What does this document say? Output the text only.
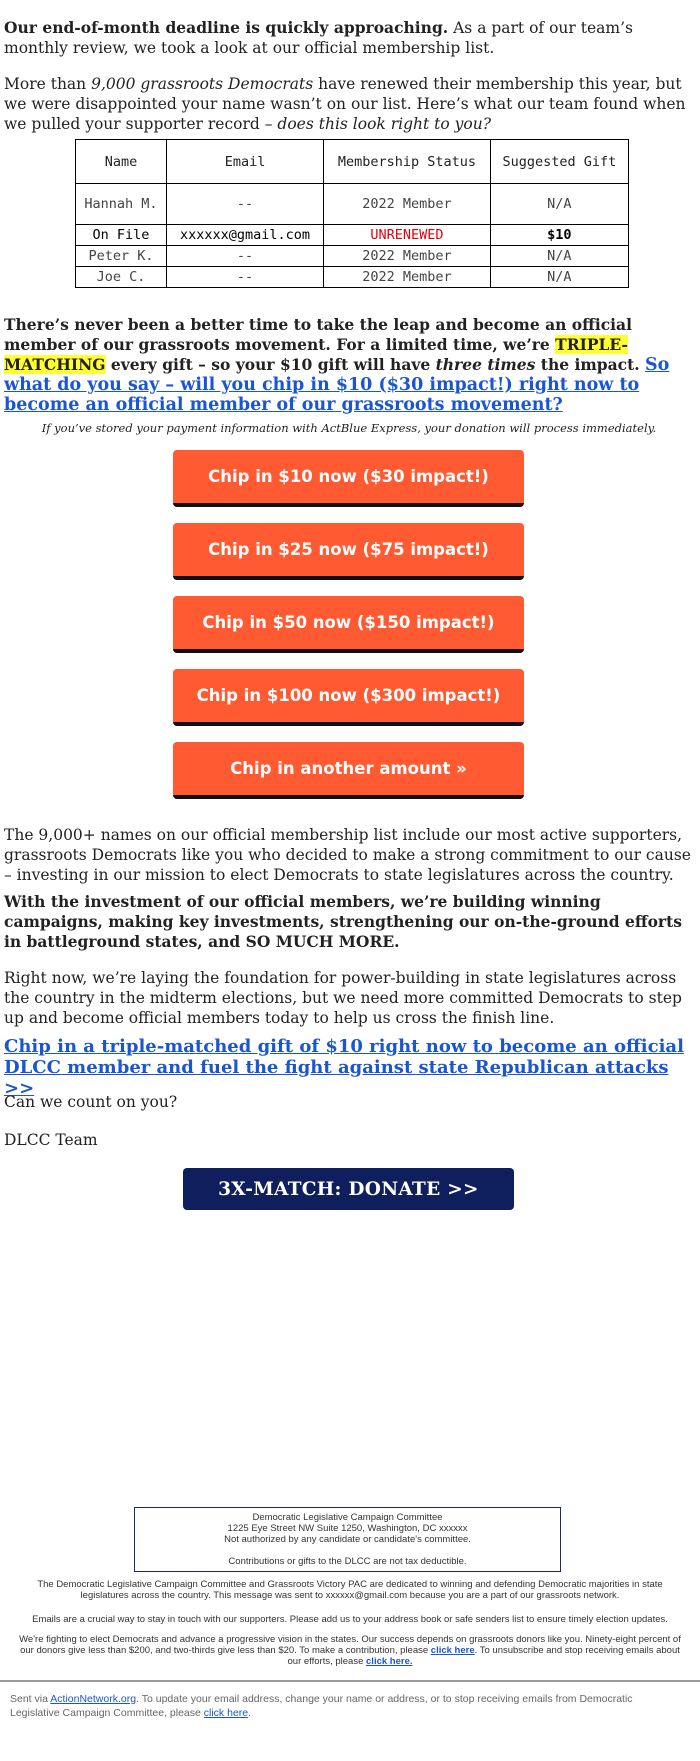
Our end-of-month deadline is quickly approaching. As a part of our team’s monthly review, we took a look at our official membership list.

More than 9,000 grassroots Democrats have renewed their membership this year, but we were disappointed your name wasn’t on our list. Here’s what our team found when we pulled your supporter record – does this look right to you?

Name	Email	Membership Status	Suggested Gift
Hannah M.	--	2022 Member	N/A
On File	xxxxxx@gmail.com	UNRENEWED	$10
Peter K.	--	2022 Member	N/A
Joe C.	--	2022 Member	N/A

There’s never been a better time to take the leap and become an official member of our grassroots movement. For a limited time, we’re TRIPLE-MATCHING every gift – so your $10 gift will have three times the impact. So what do you say – will you chip in $10 ($30 impact!) right now to become an official member of our grassroots movement?

If you’ve stored your payment information with ActBlue Express, your donation will process immediately.

Chip in $10 now ($30 impact!)
Chip in $25 now ($75 impact!)
Chip in $50 now ($150 impact!)
Chip in $100 now ($300 impact!)
Chip in another amount »

The 9,000+ names on our official membership list include our most active supporters, grassroots Democrats like you who decided to make a strong commitment to our cause – investing in our mission to elect Democrats to state legislatures across the country.

With the investment of our official members, we’re building winning campaigns, making key investments, strengthening our on-the-ground efforts in battleground states, and SO MUCH MORE.

Right now, we’re laying the foundation for power-building in state legislatures across the country in the midterm elections, but we need more committed Democrats to step up and become official members today to help us cross the finish line.

Chip in a triple-matched gift of $10 right now to become an official DLCC member and fuel the fight against state Republican attacks >>

Can we count on you?

DLCC Team

3X-MATCH: DONATE >>
Democratic Legislative Campaign Committee
1225 Eye Street NW Suite 1250, Washington, DC xxxxxx
Not authorized by any candidate or candidate's committee.
Contributions or gifts to the DLCC are not tax deductible.

The Democratic Legislative Campaign Committee and Grassroots Victory PAC are dedicated to winning and defending Democratic majorities in state legislatures across the country. This message was sent to xxxxxx@gmail.com because you are a part of our grassroots network.

Emails are a crucial way to stay in touch with our supporters. Please add us to your address book or safe senders list to ensure timely election updates.

We're fighting to elect Democrats and advance a progressive vision in the states. Our success depends on grassroots donors like you. Ninety-eight percent of our donors give less than $200, and two-thirds give less than $20. To make a contribution, please click here. To unsubscribe and stop receiving emails about our efforts, please click here.

Sent via ActionNetwork.org. To update your email address, change your name or address, or to stop receiving emails from Democratic Legislative Campaign Committee, please click here.
